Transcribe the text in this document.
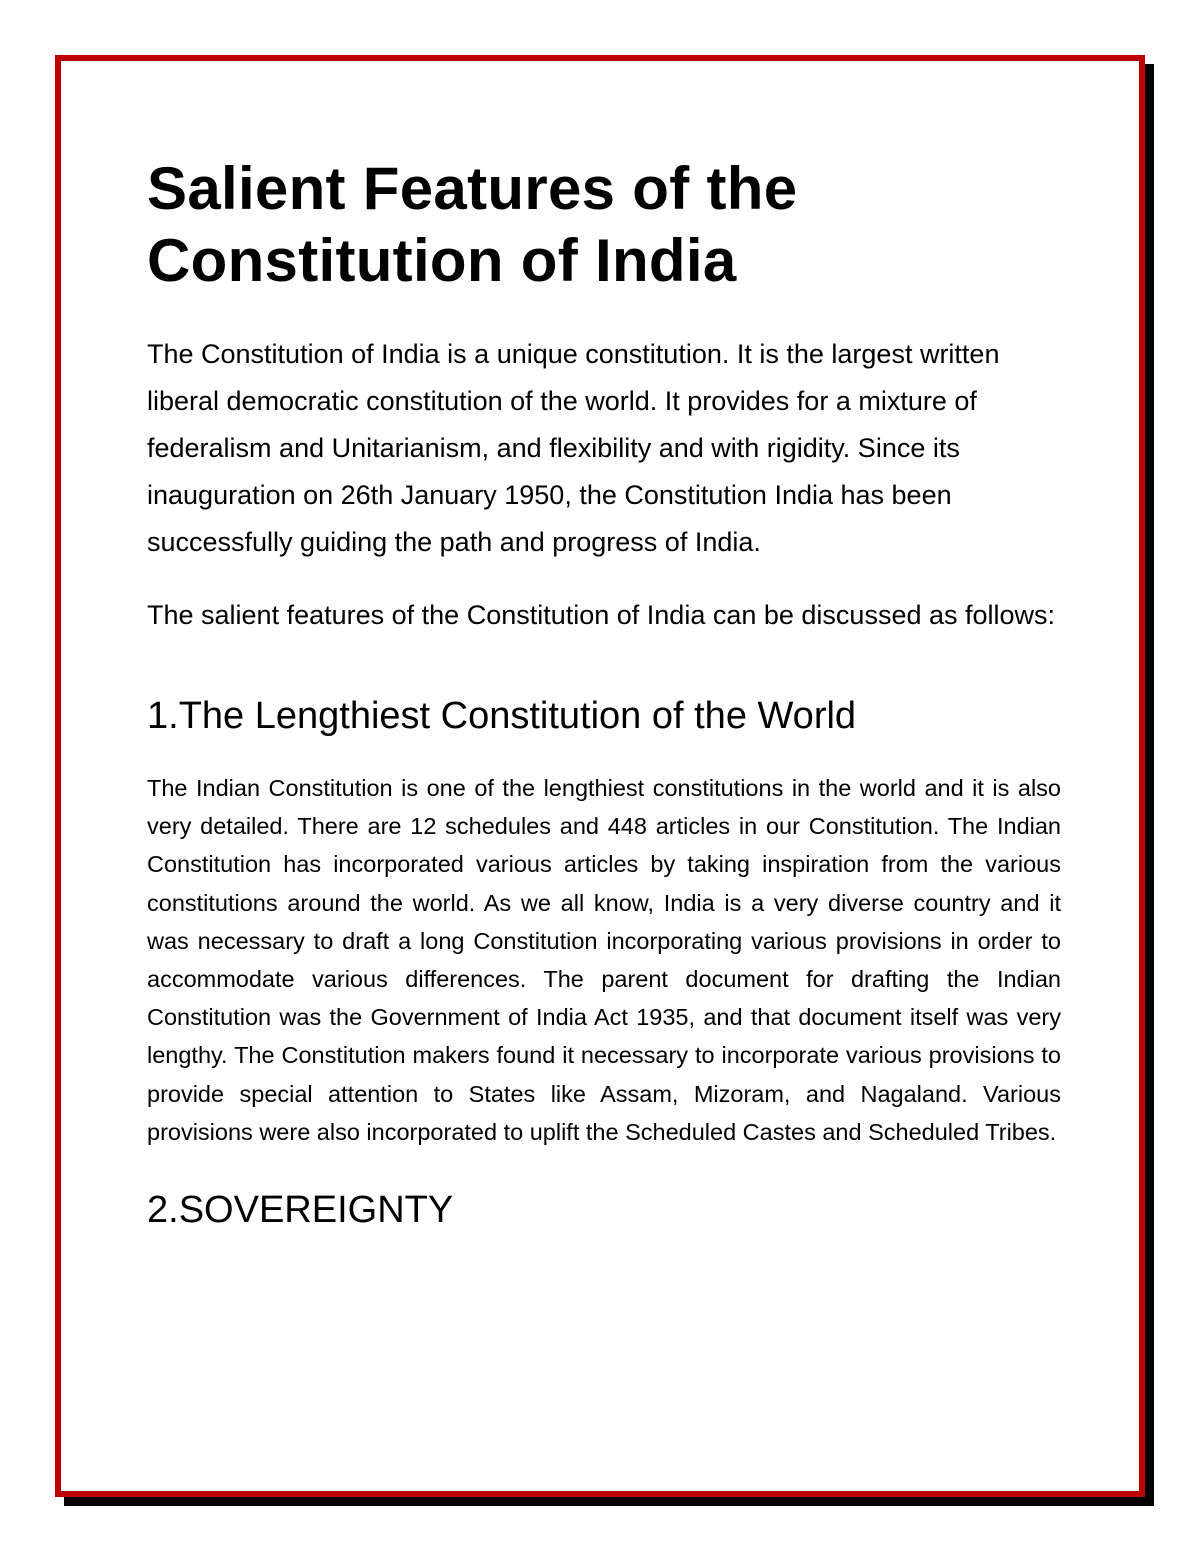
Salient Features of the Constitution of India

The Constitution of India is a unique constitution. It is the largest written liberal democratic constitution of the world. It provides for a mixture of federalism and Unitarianism, and flexibility and with rigidity. Since its inauguration on 26th January 1950, the Constitution India has been successfully guiding the path and progress of India.

The salient features of the Constitution of India can be discussed as follows:

1.The Lengthiest Constitution of the World

The Indian Constitution is one of the lengthiest constitutions in the world and it is also very detailed. There are 12 schedules and 448 articles in our Constitution. The Indian Constitution has incorporated various articles by taking inspiration from the various constitutions around the world. As we all know, India is a very diverse country and it was necessary to draft a long Constitution incorporating various provisions in order to accommodate various differences. The parent document for drafting the Indian Constitution was the Government of India Act 1935, and that document itself was very lengthy. The Constitution makers found it necessary to incorporate various provisions to provide special attention to States like Assam, Mizoram, and Nagaland. Various provisions were also incorporated to uplift the Scheduled Castes and Scheduled Tribes.

2.SOVEREIGNTY
